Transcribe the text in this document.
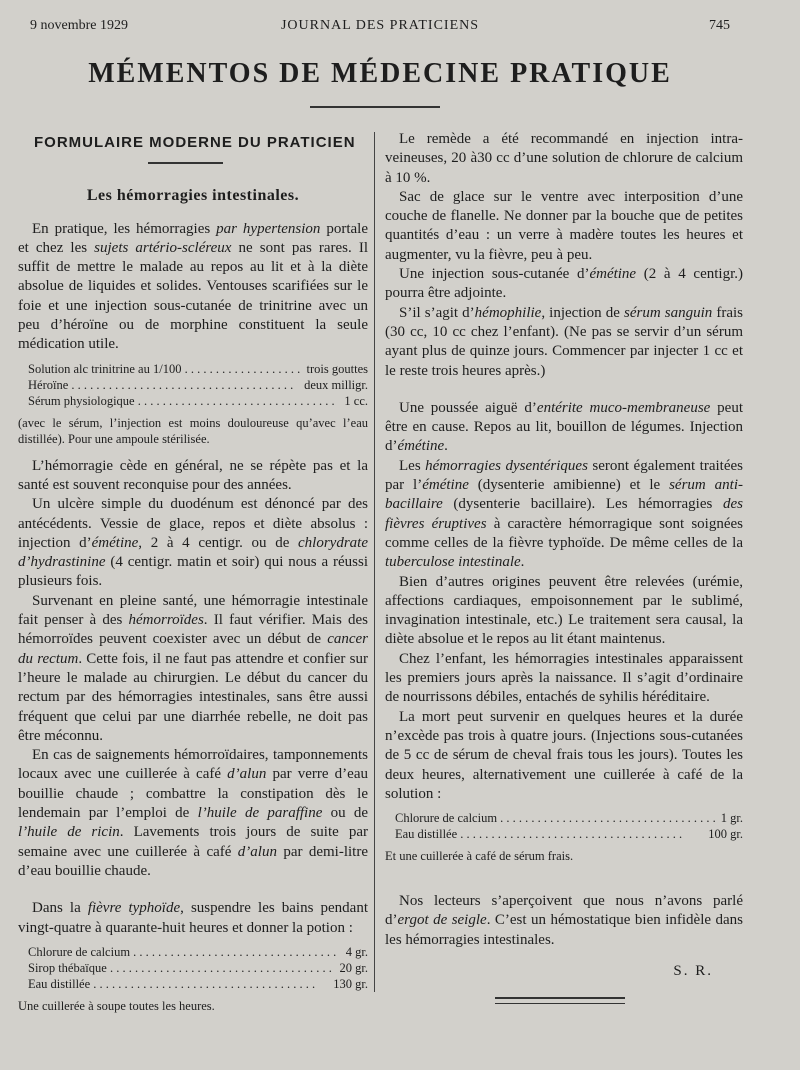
9 novembre 1929	JOURNAL DES PRATICIENS	745
MÉMENTOS DE MÉDECINE PRATIQUE
FORMULAIRE MODERNE DU PRATICIEN
Les hémorragies intestinales.

En pratique, les hémorragies par hypertension portale et chez les sujets artério-scléreux ne sont pas rares. Il suffit de mettre le malade au repos au lit et à la diète absolue de liquides et solides. Ventouses scarifiées sur le foie et une injection sous-cutanée de trinitrine avec un peu d’héroïne ou de morphine constituent la seule médication utile.

Solution alc trinitrine au 1/100 . . .	trois gouttes
Héroïne . . .	deux milligr.
Sérum physiologique . . .	1 cc.
(avec le sérum, l’injection est moins douloureuse qu’avec l’eau distillée). Pour une ampoule stérilisée.

L’hémorragie cède en général, ne se répète pas et la santé est souvent reconquise pour des années.

Un ulcère simple du duodénum est dénoncé par des antécédents. Vessie de glace, repos et diète absolus : injection d’émétine, 2 à 4 centigr. ou de chlorydrate d’hydrastinine (4 centigr. matin et soir) qui nous a réussi plusieurs fois.

Survenant en pleine santé, une hémorragie intestinale fait penser à des hémorroïdes. Il faut vérifier. Mais des hémorroïdes peuvent coexister avec un début de cancer du rectum. Cette fois, il ne faut pas attendre et confier sur l’heure le malade au chirurgien. Le début du cancer du rectum par des hémorragies intestinales, sans être aussi fréquent que celui par une diarrhée rebelle, ne doit pas être méconnu.

En cas de saignements hémorroïdaires, tamponnements locaux avec une cuillerée à café d’alun par verre d’eau bouillie chaude ; combattre la constipation dès le lendemain par l’emploi de l’huile de paraffine ou de l’huile de ricin. Lavements trois jours de suite par semaine avec une cuillerée à café d’alun par demi-litre d’eau bouillie chaude.

Dans la fièvre typhoïde, suspendre les bains pendant vingt-quatre à quarante-huit heures et donner la potion :

Chlorure de calcium . . .	4 gr.
Sirop thébaïque . . .	20 gr.
Eau distillée . . .	130 gr.
Une cuillerée à soupe toutes les heures.

Le remède a été recommandé en injection intra-veineuses, 20 à30 cc d’une solution de chlorure de calcium à 10 %.

Sac de glace sur le ventre avec interposition d’une couche de flanelle. Ne donner par la bouche que de petites quantités d’eau : un verre à madère toutes les heures et augmenter, vu la fièvre, peu à peu.

Une injection sous-cutanée d’émétine (2 à 4 centigr.) pourra être adjointe.

S’il s’agit d’hémophilie, injection de sérum sanguin frais (30 cc, 10 cc chez l’enfant). (Ne pas se servir d’un sérum ayant plus de quinze jours. Commencer par injecter 1 cc et le reste trois heures après.)

Une poussée aiguë d’entérite muco-membraneuse peut être en cause. Repos au lit, bouillon de légumes. Injection d’émétine.

Les hémorragies dysentériques seront également traitées par l’émétine (dysenterie amibienne) et le sérum anti-bacillaire (dysenterie bacillaire). Les hémorragies des fièvres éruptives à caractère hémorragique sont soignées comme celles de la fièvre typhoïde. De même celles de la tuberculose intestinale.

Bien d’autres origines peuvent être relevées (urémie, affections cardiaques, empoisonnement par le sublimé, invagination intestinale, etc.) Le traitement sera causal, la diète absolue et le repos au lit étant maintenus.

Chez l’enfant, les hémorragies intestinales apparaissent les premiers jours après la naissance. Il s’agit d’ordinaire de nourrissons débiles, entachés de syhilis héréditaire.

La mort peut survenir en quelques heures et la durée n’excède pas trois à quatre jours. (Injections sous-cutanées de 5 cc de sérum de cheval frais tous les jours). Toutes les deux heures, alternativement une cuillerée à café de la solution :

Chlorure de calcium . . .	1 gr.
Eau distillée . . .	100 gr.
Et une cuillerée à café de sérum frais.

Nos lecteurs s’aperçoivent que nous n’avons parlé d’ergot de seigle. C’est un hémostatique bien infidèle dans les hémorragies intestinales.

S. R.
